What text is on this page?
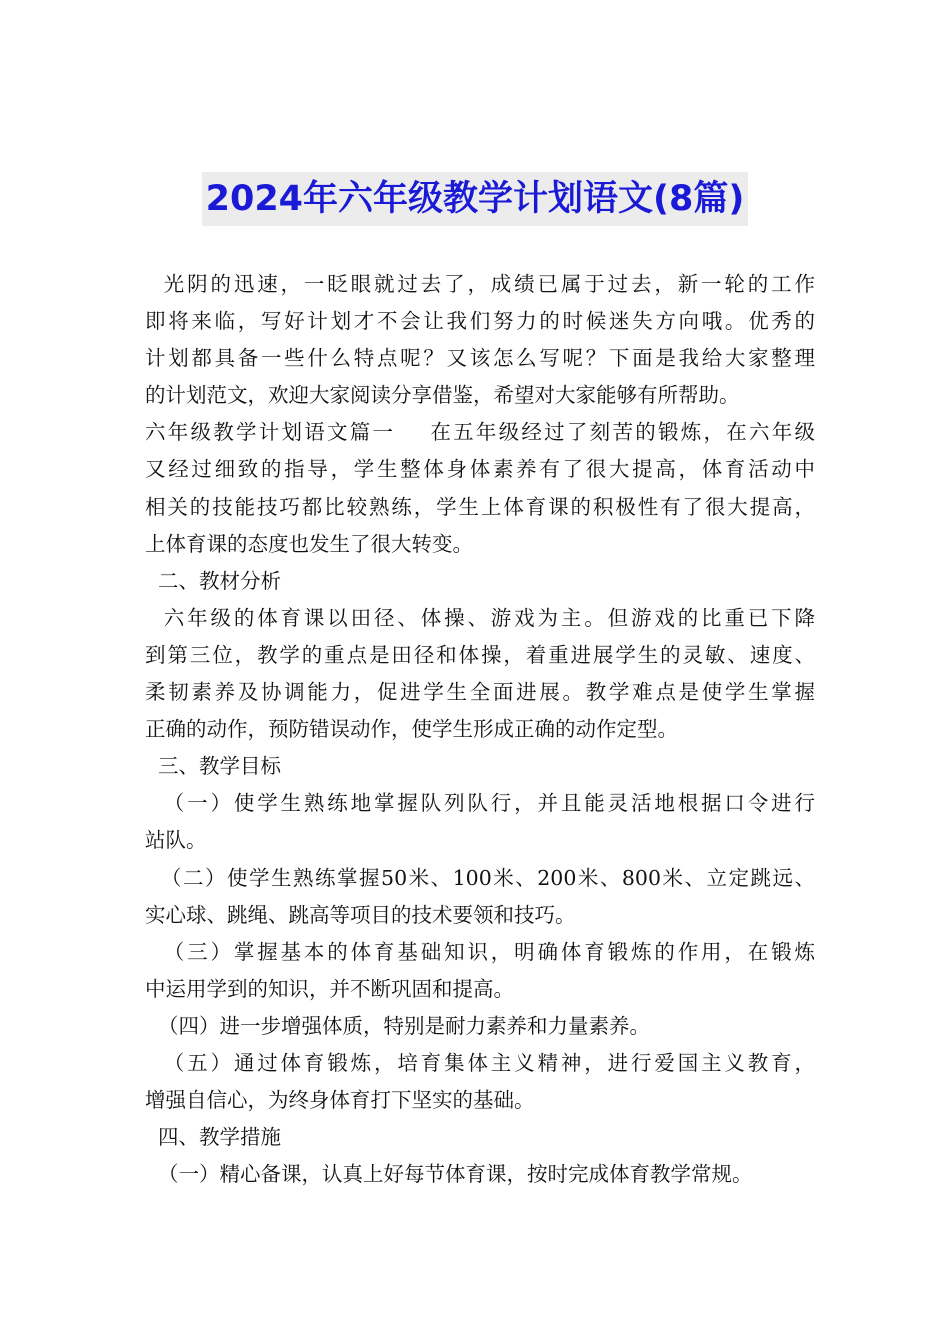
2024年六年级教学计划语文(8篇)
光阴的迅速，一眨眼就过去了，成绩已属于过去，新一轮的工作
即将来临，写好计划才不会让我们努力的时候迷失方向哦。优秀的
计划都具备一些什么特点呢？又该怎么写呢？下面是我给大家整理
的计划范文，欢迎大家阅读分享借鉴，希望对大家能够有所帮助。
六年级教学计划语文篇一    在五年级经过了刻苦的锻炼，在六年级
又经过细致的指导，学生整体身体素养有了很大提高，体育活动中
相关的技能技巧都比较熟练，学生上体育课的积极性有了很大提高，
上体育课的态度也发生了很大转变。
二、教材分析
六年级的体育课以田径、体操、游戏为主。但游戏的比重已下降
到第三位，教学的重点是田径和体操，着重进展学生的灵敏、速度、
柔韧素养及协调能力，促进学生全面进展。教学难点是使学生掌握
正确的动作，预防错误动作，使学生形成正确的动作定型。
三、教学目标
（一）使学生熟练地掌握队列队行，并且能灵活地根据口令进行
站队。
（二）使学生熟练掌握50米、100米、200米、800米、立定跳远、
实心球、跳绳、跳高等项目的技术要领和技巧。
（三）掌握基本的体育基础知识，明确体育锻炼的作用，在锻炼
中运用学到的知识，并不断巩固和提高。
（四）进一步增强体质，特别是耐力素养和力量素养。
（五）通过体育锻炼，培育集体主义精神，进行爱国主义教育，
增强自信心，为终身体育打下坚实的基础。
四、教学措施
（一）精心备课，认真上好每节体育课，按时完成体育教学常规。
